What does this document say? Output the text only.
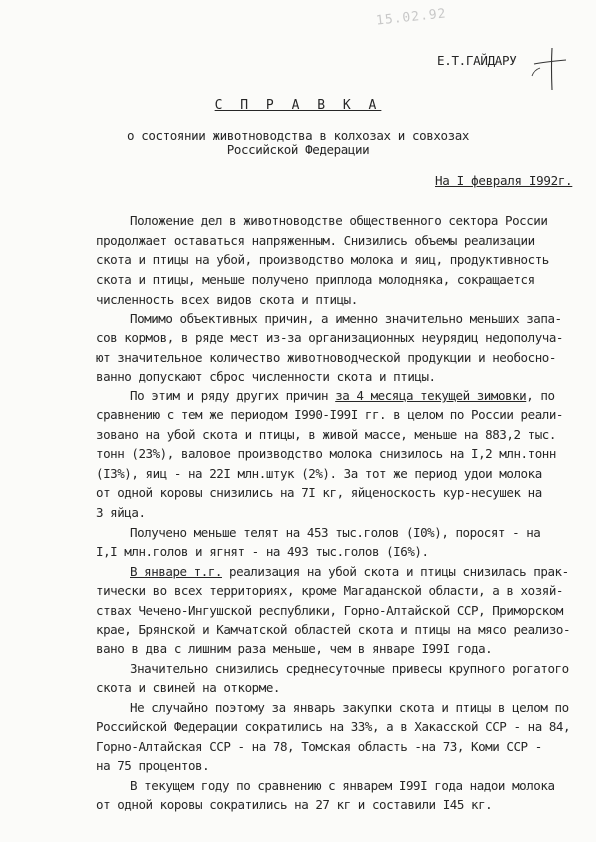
15.02.92
Е.Т.ГАЙДАРУ
С П Р А В К А
о состоянии животноводства в колхозах и совхозах
Российской Федерации
На I февраля I992г.
Положение дел в животноводстве общественного сектора России
продолжает оставаться напряженным. Снизились объемы реализации
скота и птицы на убой, производство молока и яиц, продуктивность
скота и птицы, меньше получено приплода молодняка, сокращается
численность всех видов скота и птицы.
Помимо объективных причин, а именно значительно меньших запа-
сов кормов, в ряде мест из-за организационных неурядиц недополуча-
ют значительное количество животноводческой продукции и необосно-
ванно допускают сброс численности скота и птицы.
По этим и ряду других причин за 4 месяца текущей зимовки, по
сравнению с тем же периодом I990-I99I гг. в целом по России реали-
зовано на убой скота и птицы, в живой массе, меньше на 883,2 тыс.
тонн (23%), валовое производство молока снизилось на I,2 млн.тонн
(I3%), яиц - на 22I млн.штук (2%). За тот же период удои молока
от одной коровы снизились на 7I кг, яйценоскость кур-несушек на
3 яйца.
Получено меньше телят на 453 тыс.голов (I0%), поросят - на
I,I млн.голов и ягнят - на 493 тыс.голов (I6%).
В январе т.г. реализация на убой скота и птицы снизилась прак-
тически во всех территориях, кроме Магаданской области, а в хозяй-
ствах Чечено-Ингушской республики, Горно-Алтайской ССР, Приморском
крае, Брянской и Камчатской областей скота и птицы на мясо реализо-
вано в два с лишним раза меньше, чем в январе I99I года.
Значительно снизились среднесуточные привесы крупного рогатого
скота и свиней на откорме.
Не случайно поэтому за январь закупки скота и птицы в целом по
Российской Федерации сократились на 33%, а в Хакасской ССР - на 84,
Горно-Алтайская ССР - на 78, Томская область -на 73, Коми ССР -
на 75 процентов.
В текущем году по сравнению с январем I99I года надои молока
от одной коровы сократились на 27 кг и составили I45 кг.
